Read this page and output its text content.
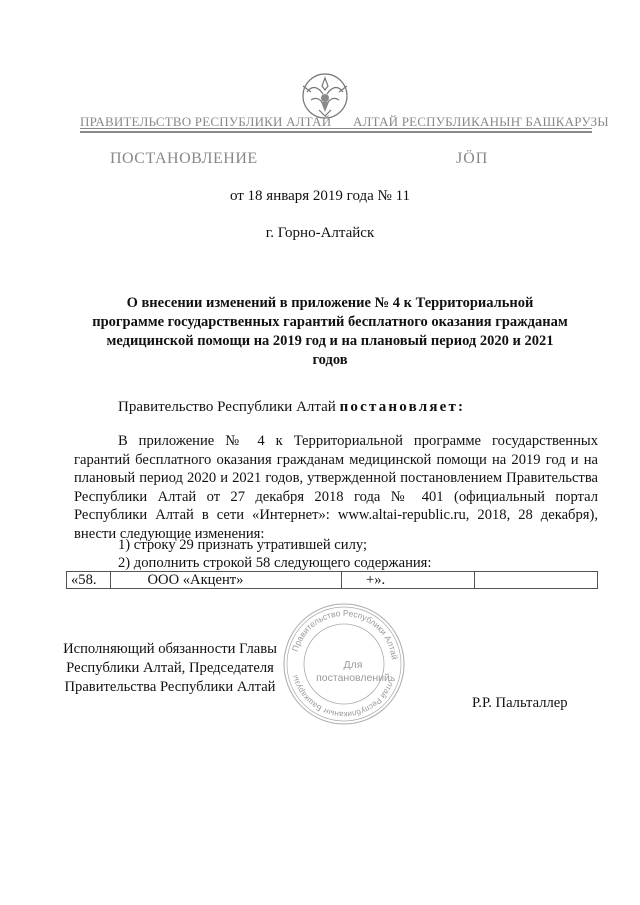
ПРАВИТЕЛЬСТВО РЕСПУБЛИКИ АЛТАЙ АЛТАЙ РЕСПУБЛИКАНЫҤ БАШКАРУЗЫ
ПОСТАНОВЛЕНИЕ	JӦП
от 18 января 2019 года № 11
г. Горно-Алтайск
О внесении изменений в приложение № 4 к Территориальной программе государственных гарантий бесплатного оказания гражданам медицинской помощи на 2019 год и на плановый период 2020 и 2021 годов
Правительство Республики Алтай постановляет:
В приложение № 4 к Территориальной программе государственных гарантий бесплатного оказания гражданам медицинской помощи на 2019 год и на плановый период 2020 и 2021 годов, утвержденной постановлением Правительства Республики Алтай от 27 декабря 2018 года № 401 (официальный портал Республики Алтай в сети «Интернет»: www.altai-republic.ru, 2018, 28 декабря), внести следующие изменения:
1) строку 29 признать утратившей силу;
2) дополнить строкой 58 следующего содержания:
«58.	ООО «Акцент»	+».	
Правительство Республики Алтай
Алтай Республиканыҥ Башкарузы
Для
постановлений
Исполняющий обязанности Главы Республики Алтай, Председателя Правительства Республики Алтай
Р.Р. Пальталлер
